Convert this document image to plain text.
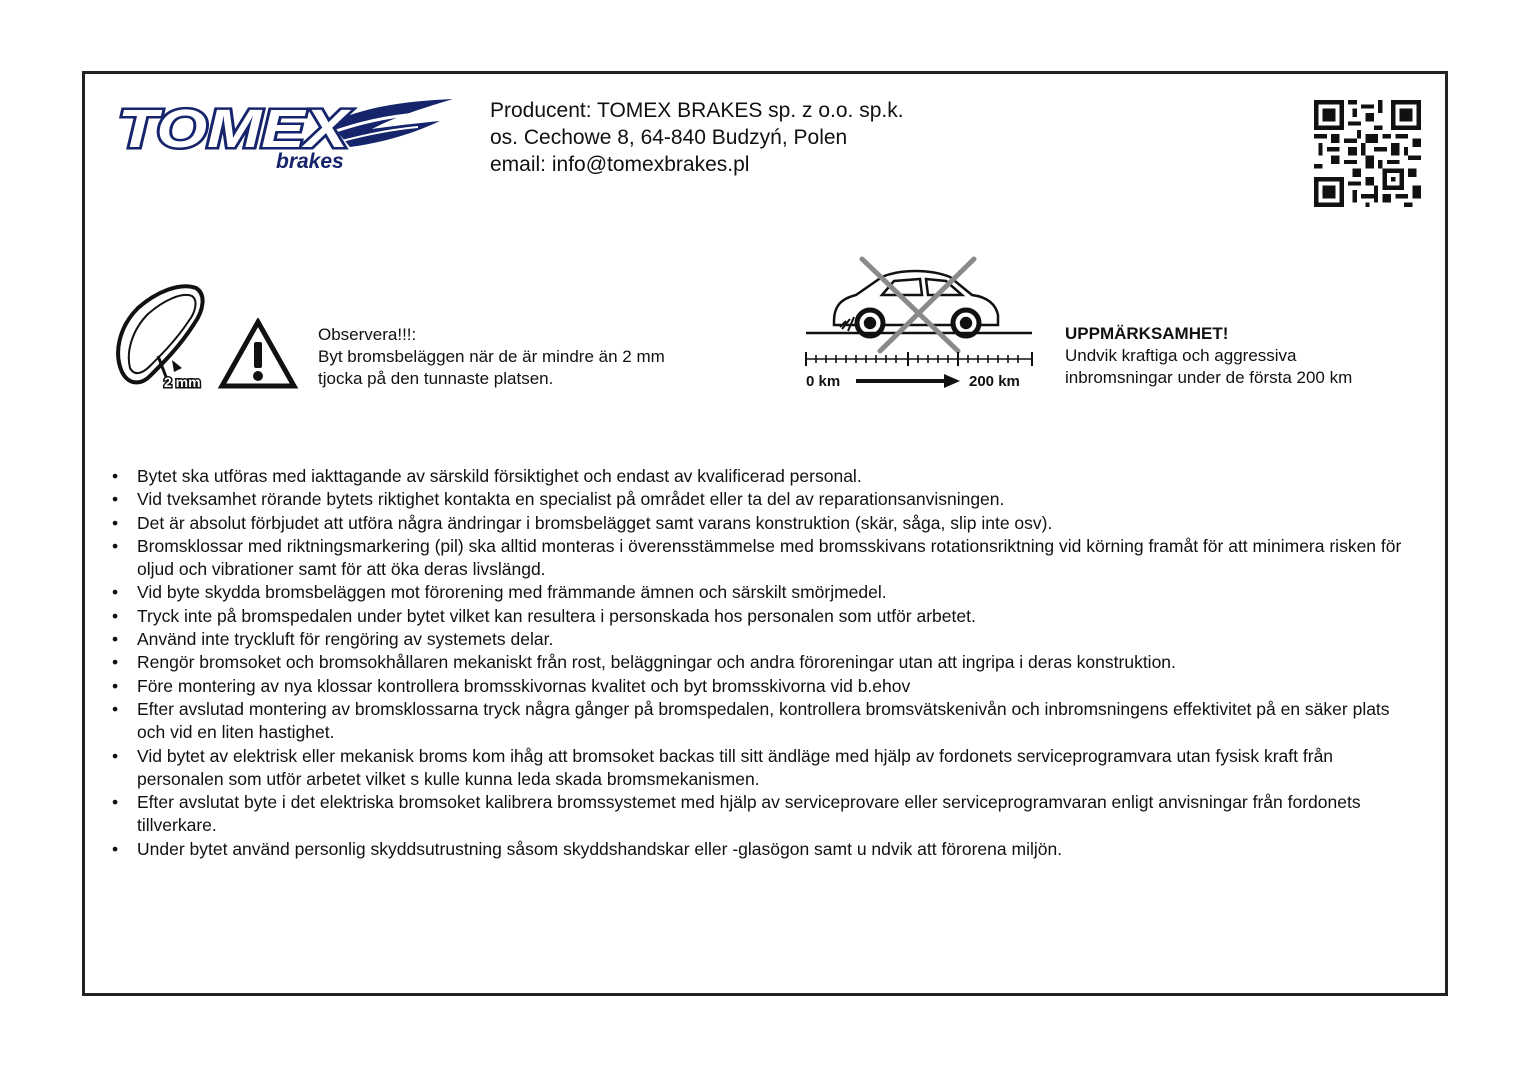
TOMEX
brakes
Producent: TOMEX BRAKES sp. z o.o. sp.k.
os. Cechowe 8, 64-840 Budzyń, Polen
email: info@tomexbrakes.pl
2 mm
Observera!!!:
Byt bromsbeläggen när de är mindre än 2 mm
tjocka på den tunnaste platsen.	0 km	200 km
UPPMÄRKSAMHET!
Undvik kraftiga och aggressiva
inbromsningar under de första 200 km
• Bytet ska utföras med iakttagande av särskild försiktighet och endast av kvalificerad personal.
• Vid tveksamhet rörande bytets riktighet kontakta en specialist på området eller ta del av reparationsanvisningen.
• Det är absolut förbjudet att utföra några ändringar i bromsbelägget samt varans konstruktion (skär, såga, slip inte osv).
• Bromsklossar med riktningsmarkering (pil) ska alltid monteras i överensstämmelse med bromsskivans rotationsriktning vid körning framåt för att minimera risken för oljud och vibrationer samt för att öka deras livslängd.
• Vid byte skydda bromsbeläggen mot förorening med främmande ämnen och särskilt smörjmedel.
• Tryck inte på bromspedalen under bytet vilket kan resultera i personskada hos personalen som utför arbetet.
• Använd inte tryckluft för rengöring av systemets delar.
• Rengör bromsoket och bromsokhållaren mekaniskt från rost, beläggningar och andra föroreningar utan att ingripa i deras konstruktion.
• Före montering av nya klossar kontrollera bromsskivornas kvalitet och byt bromsskivorna vid b.ehov
• Efter avslutad montering av bromsklossarna tryck några gånger på bromspedalen, kontrollera bromsvätskenivån och inbromsningens effektivitet på en säker plats och vid en liten hastighet.
• Vid bytet av elektrisk eller mekanisk broms kom ihåg att bromsoket backas till sitt ändläge med hjälp av fordonets serviceprogramvara utan fysisk kraft från personalen som utför arbetet vilket s kulle kunna leda skada bromsmekanismen.
• Efter avslutat byte i det elektriska bromsoket kalibrera bromssystemet med hjälp av serviceprovare eller serviceprogramvaran enligt anvisningar från fordonets tillverkare.
• Under bytet använd personlig skyddsutrustning såsom skyddshandskar eller -glasögon samt u ndvik att förorena miljön.
